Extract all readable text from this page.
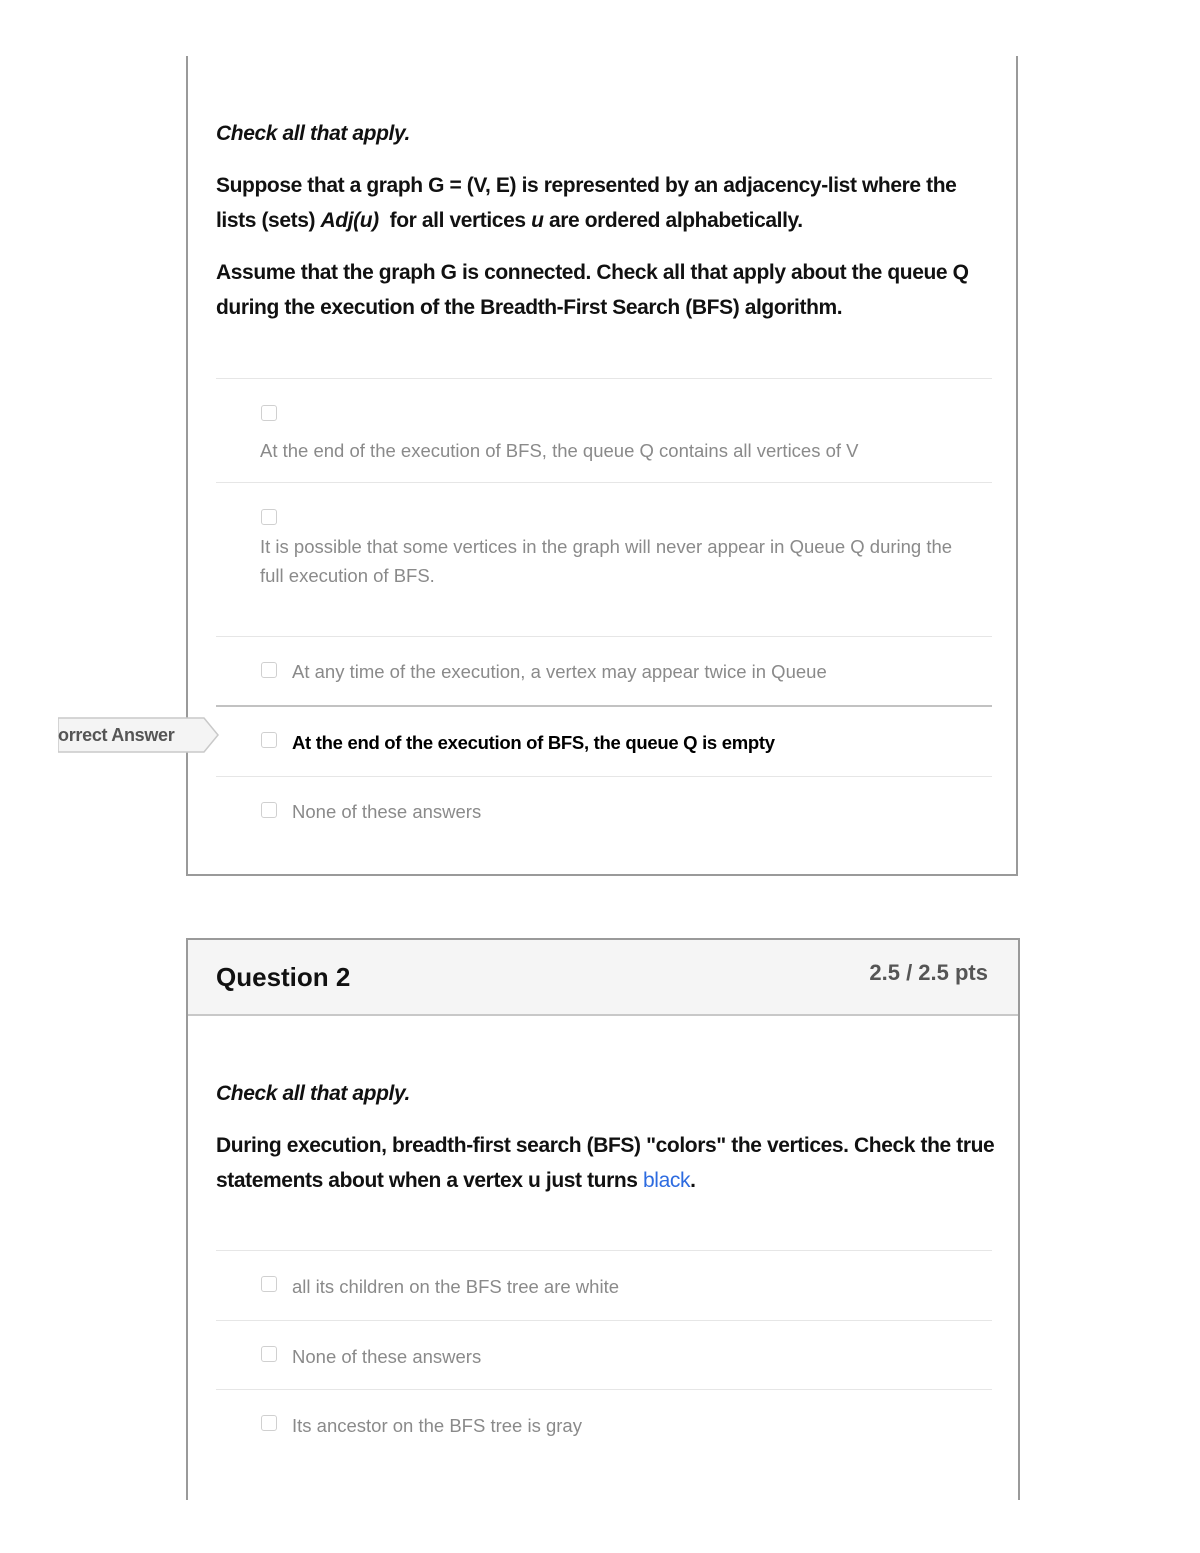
Check all that apply.

Suppose that a graph G = (V, E) is represented by an adjacency-list where the lists (sets) Adj(u)  for all vertices u are ordered alphabetically.

Assume that the graph G is connected. Check all that apply about the queue Q during the execution of the Breadth-First Search (BFS) algorithm.

At the end of the execution of BFS, the queue Q contains all vertices of V
It is possible that some vertices in the graph will never appear in Queue Q during the full execution of BFS.
At any time of the execution, a vertex may appear twice in Queue
At the end of the execution of BFS, the queue Q is empty
None of these answers
orrect Answer
Question 2	2.5 / 2.5 pts

Check all that apply.

During execution, breadth-first search (BFS) "colors" the vertices. Check the true statements about when a vertex u just turns black.

all its children on the BFS tree are white
None of these answers
Its ancestor on the BFS tree is gray
